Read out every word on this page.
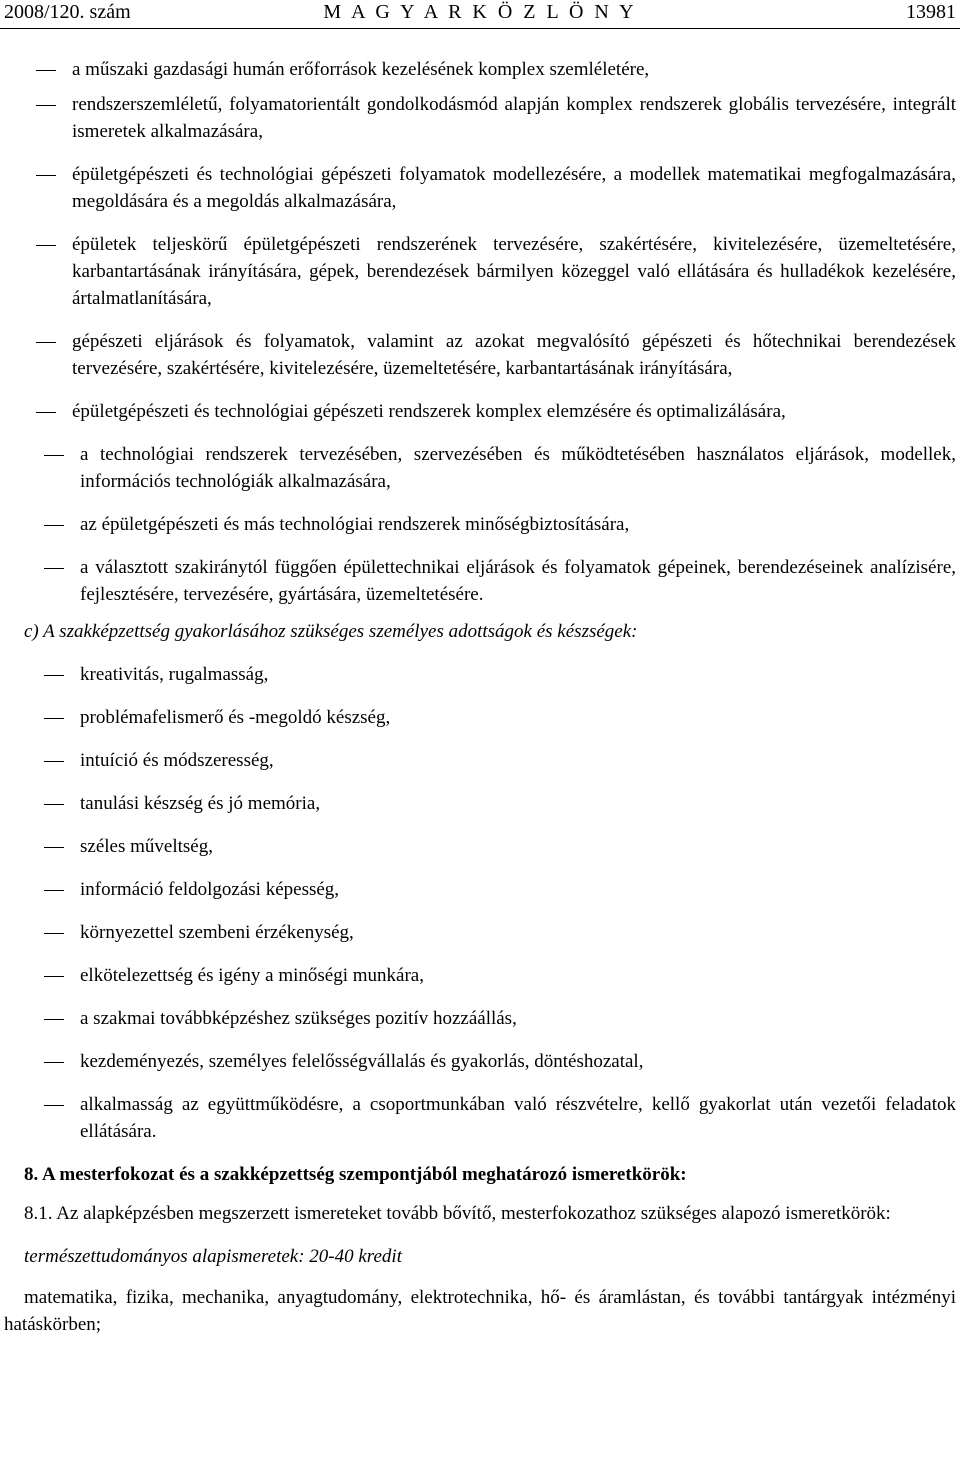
2008/120. szám	M A G Y A R K Ö Z L Ö N Y	13981
a műszaki gazdasági humán erőforrások kezelésének komplex szemléletére,
rendszerszemléletű, folyamatorientált gondolkodásmód alapján komplex rendszerek globális tervezésére, integrált ismeretek alkalmazására,
épületgépészeti és technológiai gépészeti folyamatok modellezésére, a modellek matematikai megfogalmazására, megoldására és a megoldás alkalmazására,
épületek teljeskörű épületgépészeti rendszerének tervezésére, szakértésére, kivitelezésére, üzemeltetésére, karbantartásának irányítására, gépek, berendezések bármilyen közeggel való ellátására és hulladékok kezelésére, ártalmatlanítására,
gépészeti eljárások és folyamatok, valamint az azokat megvalósító gépészeti és hőtechnikai berendezések tervezésére, szakértésére, kivitelezésére, üzemeltetésére, karbantartásának irányítására,
épületgépészeti és technológiai gépészeti rendszerek komplex elemzésére és optimalizálására,
a technológiai rendszerek tervezésében, szervezésében és működtetésében használatos eljárások, modellek, információs technológiák alkalmazására,
az épületgépészeti és más technológiai rendszerek minőségbiztosítására,
a választott szakiránytól függően épülettechnikai eljárások és folyamatok gépeinek, berendezéseinek analízisére, fejlesztésére, tervezésére, gyártására, üzemeltetésére.
c) A szakképzettség gyakorlásához szükséges személyes adottságok és készségek:
kreativitás, rugalmasság,
problémafelismerő és -megoldó készség,
intuíció és módszeresség,
tanulási készség és jó memória,
széles műveltség,
információ feldolgozási képesség,
környezettel szembeni érzékenység,
elkötelezettség és igény a minőségi munkára,
a szakmai továbbképzéshez szükséges pozitív hozzáállás,
kezdeményezés, személyes felelősségvállalás és gyakorlás, döntéshozatal,
alkalmasság az együttműködésre, a csoportmunkában való részvételre, kellő gyakorlat után vezetői feladatok ellátására.
8. A mesterfokozat és a szakképzettség szempontjából meghatározó ismeretkörök:
8.1. Az alapképzésben megszerzett ismereteket tovább bővítő, mesterfokozathoz szükséges alapozó ismeretkörök:
természettudományos alapismeretek: 20-40 kredit
matematika, fizika, mechanika, anyagtudomány, elektrotechnika, hő- és áramlástan, és további tantárgyak intézményi hatáskörben;
